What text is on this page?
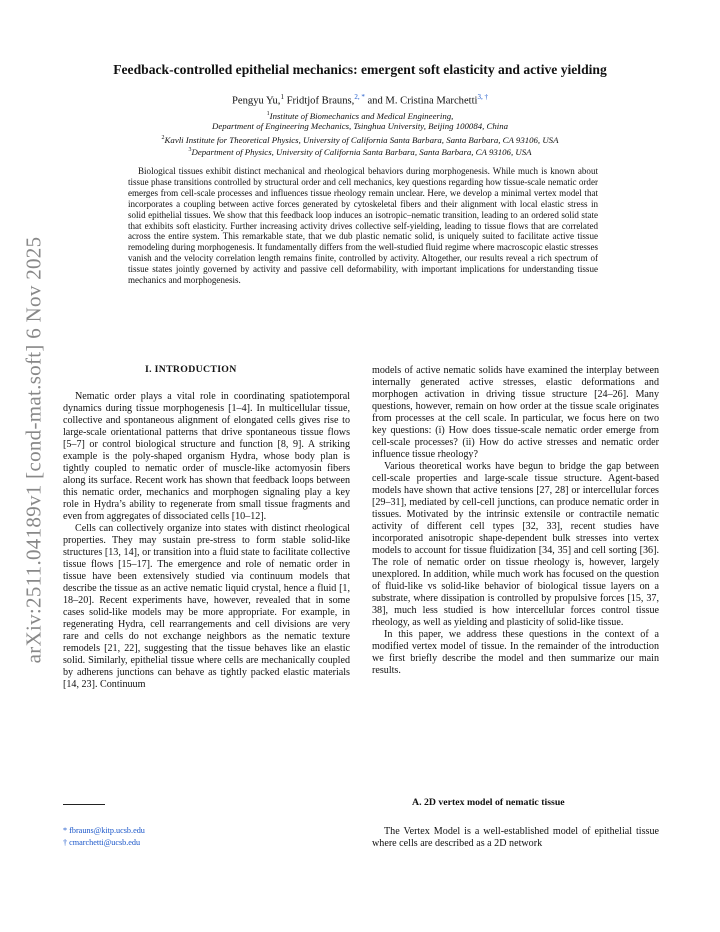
arXiv:2511.04189v1 [cond-mat.soft] 6 Nov 2025
Feedback-controlled epithelial mechanics: emergent soft elasticity and active yielding
Pengyu Yu,$^1$ Fridtjof Brauns,$^{2, *}$ and M. Cristina Marchetti$^{3, \dagger}$
$^1$Institute of Biomechanics and Medical Engineering,
Department of Engineering Mechanics, Tsinghua University, Beijing 100084, China
$^2$Kavli Institute for Theoretical Physics, University of California Santa Barbara, Santa Barbara, CA 93106, USA
$^3$Department of Physics, University of California Santa Barbara, Santa Barbara, CA 93106, USA

Biological tissues exhibit distinct mechanical and rheological behaviors during morphogenesis. While much is known about tissue phase transitions controlled by structural order and cell mechanics, key questions regarding how tissue-scale nematic order emerges from cell-scale processes and influences tissue rheology remain unclear. Here, we develop a minimal vertex model that incorporates a coupling between active forces generated by cytoskeletal fibers and their alignment with local elastic stress in solid epithelial tissues. We show that this feedback loop induces an isotropic–nematic transition, leading to an ordered solid state that exhibits soft elasticity. Further increasing activity drives collective self-yielding, leading to tissue flows that are correlated across the entire system. This remarkable state, that we dub plastic nematic solid, is uniquely suited to facilitate active tissue remodeling during morphogenesis. It fundamentally differs from the well-studied fluid regime where macroscopic elastic stresses vanish and the velocity correlation length remains finite, controlled by activity. Altogether, our results reveal a rich spectrum of tissue states jointly governed by activity and passive cell deformability, with important implications for understanding tissue mechanics and morphogenesis.

I. INTRODUCTION

Nematic order plays a vital role in coordinating spatiotemporal dynamics during tissue morphogenesis [1–4]. In multicellular tissue, collective and spontaneous alignment of elongated cells gives rise to large-scale orientational patterns that drive spontaneous tissue flows [5–7] or control biological structure and function [8, 9]. A striking example is the poly-shaped organism Hydra, whose body plan is tightly coupled to nematic order of muscle-like actomyosin fibers along its surface. Recent work has shown that feedback loops between this nematic order, mechanics and morphogen signaling play a key role in Hydra’s ability to regenerate from small tissue fragments and even from aggregates of dissociated cells [10–12].

Cells can collectively organize into states with distinct rheological properties. They may sustain pre-stress to form stable solid-like structures [13, 14], or transition into a fluid state to facilitate collective tissue flows [15–17]. The emergence and role of nematic order in tissue have been extensively studied via continuum models that describe the tissue as an active nematic liquid crystal, hence a fluid [1, 18–20]. Recent experiments have, however, revealed that in some cases solid-like models may be more appropriate. For example, in regenerating Hydra, cell rearrangements and cell divisions are very rare and cells do not exchange neighbors as the nematic texture remodels [21, 22], suggesting that the tissue behaves like an elastic solid. Similarly, epithelial tissue where cells are mechanically coupled by adherens junctions can behave as tightly packed elastic materials [14, 23]. Continuum

models of active nematic solids have examined the interplay between internally generated active stresses, elastic deformations and morphogen activation in driving tissue structure [24–26]. Many questions, however, remain on how order at the tissue scale originates from processes at the cell scale. In particular, we focus here on two key questions: (i) How does tissue-scale nematic order emerge from cell-scale processes? (ii) How do active stresses and nematic order influence tissue rheology?

Various theoretical works have begun to bridge the gap between cell-scale properties and large-scale tissue structure. Agent-based models have shown that active tensions [27, 28] or intercellular forces [29–31], mediated by cell-cell junctions, can produce nematic order in tissues. Motivated by the intrinsic extensile or contractile nematic activity of different cell types [32, 33], recent studies have incorporated anisotropic shape-dependent bulk stresses into vertex models to account for tissue fluidization [34, 35] and cell sorting [36]. The role of nematic order on tissue rheology is, however, largely unexplored. In addition, while much work has focused on the question of fluid-like vs solid-like behavior of biological tissue layers on a substrate, where dissipation is controlled by propulsive forces [15, 37, 38], much less studied is how intercellular forces control tissue rheology, as well as yielding and plasticity of solid-like tissue.

In this paper, we address these questions in the context of a modified vertex model of tissue. In the remainder of the introduction we first briefly describe the model and then summarize our main results.

A. 2D vertex model of nematic tissue

The Vertex Model is a well-established model of epithelial tissue where cells are described as a 2D network

* fbrauns@kitp.ucsb.edu
† cmarchetti@ucsb.edu
